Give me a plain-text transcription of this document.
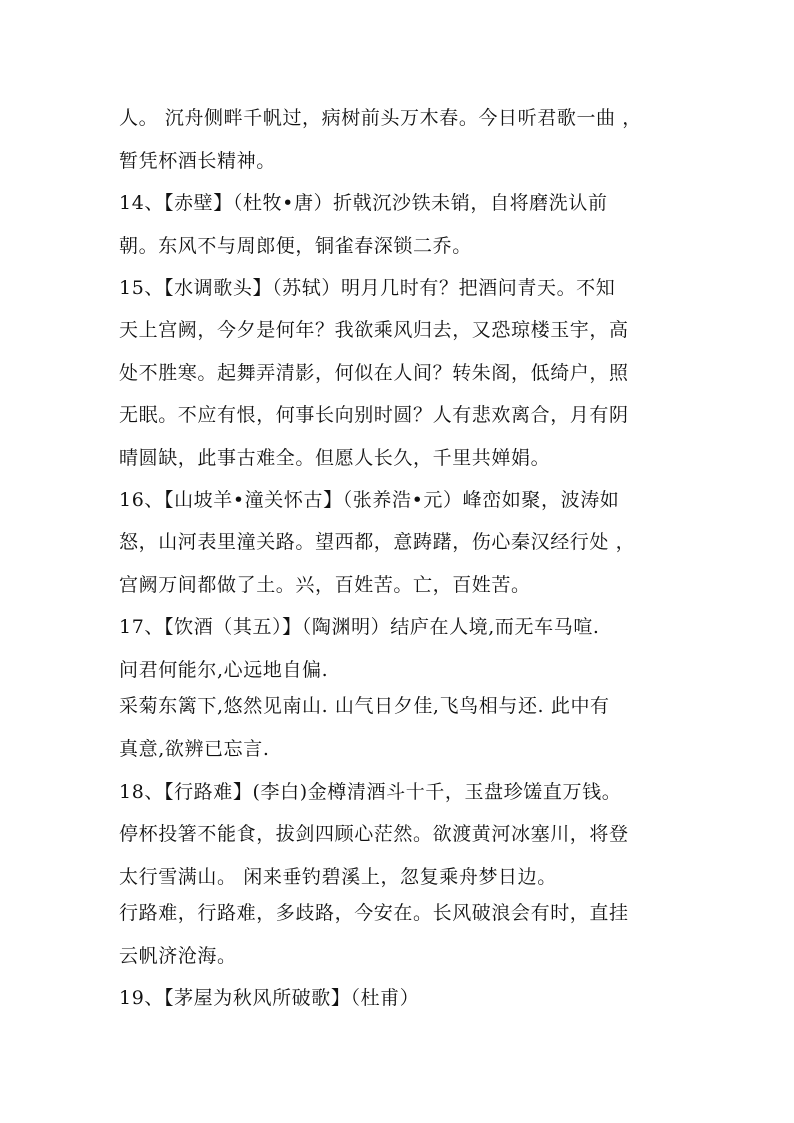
人。 沉舟侧畔千帆过，病树前头万木春。今日听君歌一曲 ，
暂凭杯酒长精神。
14、【赤壁】（杜牧•唐）折戟沉沙铁未销，自将磨洗认前
朝。东风不与周郎便，铜雀春深锁二乔。
15、【水调歌头】（苏轼）明月几时有？把酒问青天。不知
天上宫阙，今夕是何年？我欲乘风归去，又恐琼楼玉宇，高
处不胜寒。起舞弄清影，何似在人间？转朱阁，低绮户，照
无眠。不应有恨，何事长向别时圆？人有悲欢离合，月有阴
晴圆缺，此事古难全。但愿人长久，千里共婵娟。
16、【山坡羊•潼关怀古】（张养浩•元）峰峦如聚，波涛如
怒，山河表里潼关路。望西都，意踌躇，伤心秦汉经行处 ，
宫阙万间都做了土。兴，百姓苦。亡，百姓苦。
17、【饮酒（其五）】（陶渊明）结庐在人境,而无车马喧.
问君何能尔,心远地自偏.
采菊东篱下,悠然见南山. 山气日夕佳,飞鸟相与还. 此中有
真意,欲辨已忘言.
18、【行路难】(李白)金樽清酒斗十千，玉盘珍馐直万钱。
停杯投箸不能食，拔剑四顾心茫然。欲渡黄河冰塞川，将登
太行雪满山。 闲来垂钓碧溪上，忽复乘舟梦日边。
行路难，行路难，多歧路，今安在。长风破浪会有时，直挂
云帆济沧海。
19、【茅屋为秋风所破歌】（杜甫）
